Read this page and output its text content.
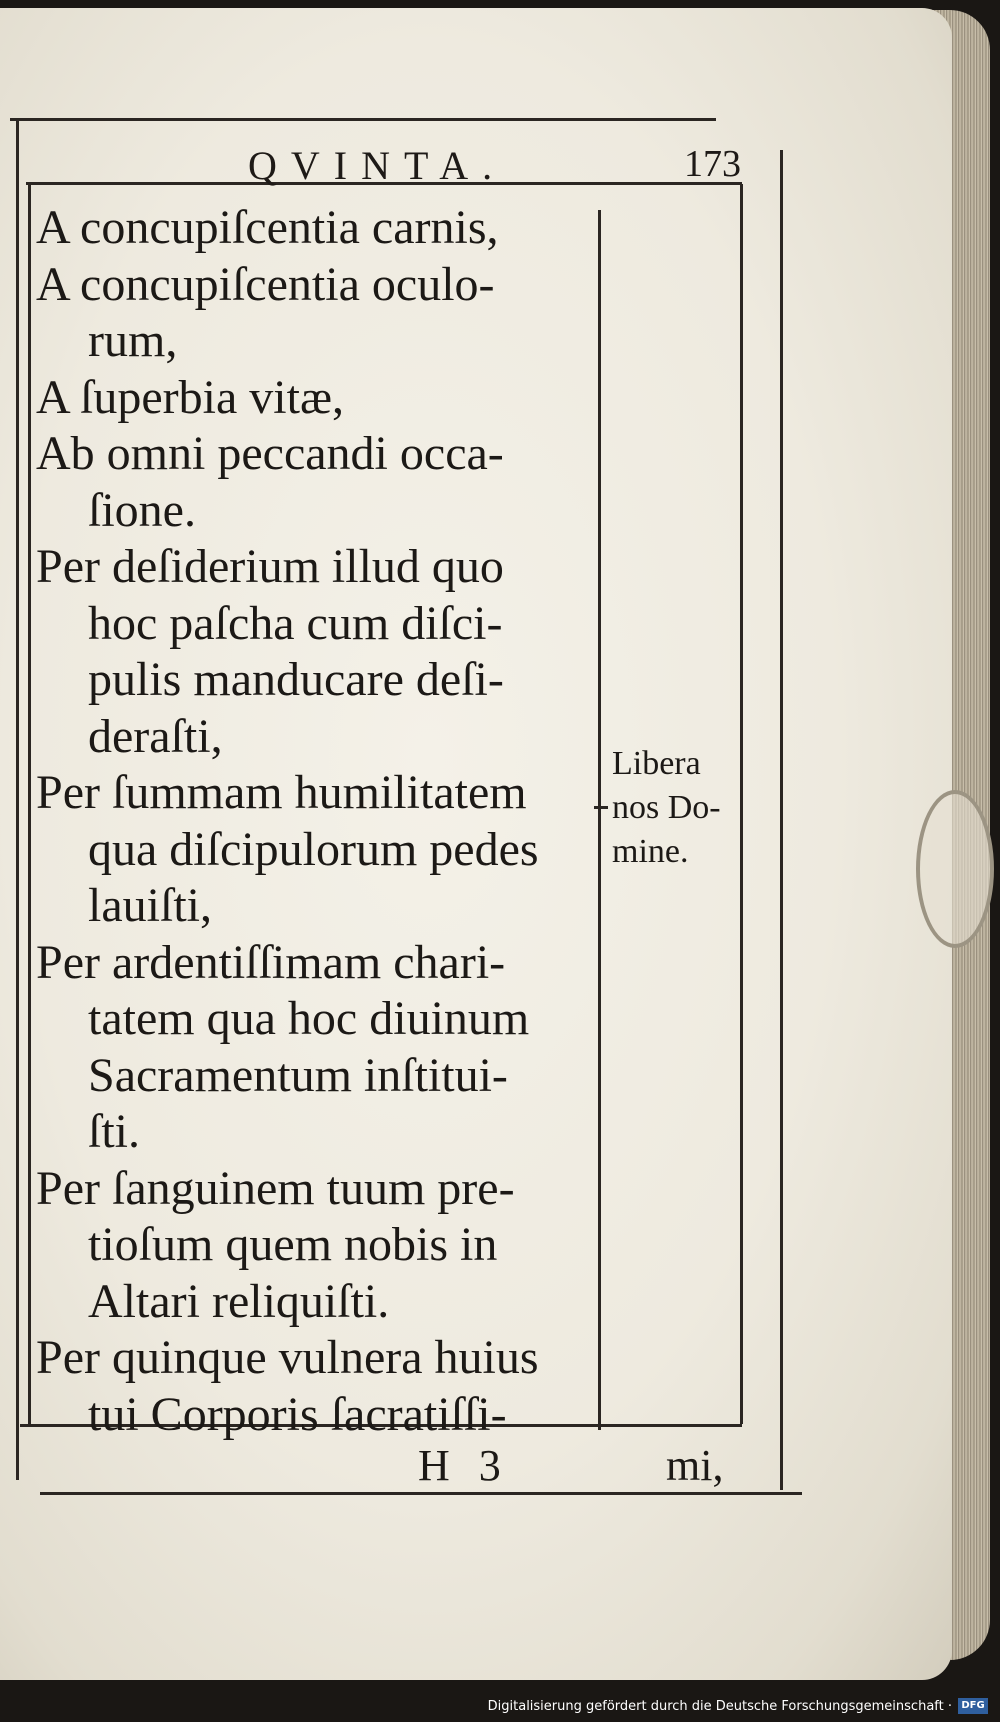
QVINTA.	173
A concupiſcentia carnis,
A concupiſcentia oculo-
rum,
A ſuperbia vitæ,
Ab omni peccandi occa-
ſione.
Per deſiderium illud quo
hoc paſcha cum diſci-
pulis manducare deſi-
deraſti,
Per ſummam humilitatem
qua diſcipulorum pedes
lauiſti,
Per ardentiſſimam chari-
tatem qua hoc diuinum
Sacramentum inſtitui-
ſti.
Per ſanguinem tuum pre-
tioſum quem nobis in
Altari reliquiſti.
Per quinque vulnera huius
tui Corporis ſacratiſſi-
Libera
nos Do-
mine.
H 3	mi,
Digitalisierung gefördert durch die Deutsche Forschungsgemeinschaft · DFG
